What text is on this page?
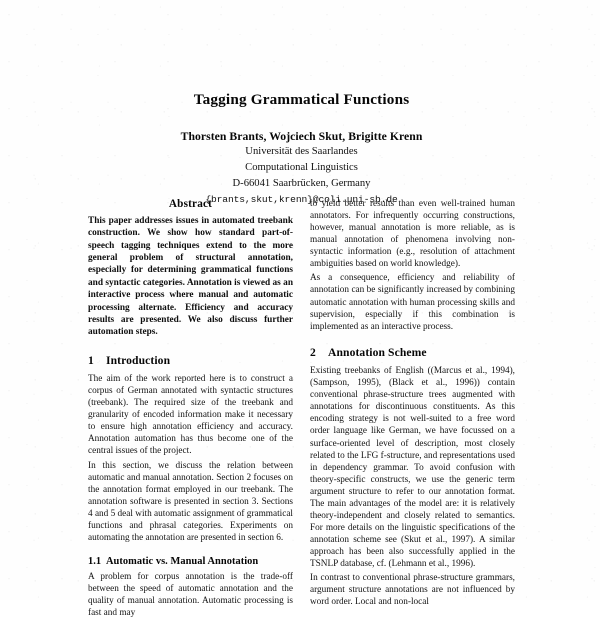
Tagging Grammatical Functions
Thorsten Brants, Wojciech Skut, Brigitte Krenn
Universität des Saarlandes
Computational Linguistics
D-66041 Saarbrücken, Germany
{brants,skut,krenn}@coli.uni-sb.de
Abstract

This paper addresses issues in automated treebank construction. We show how standard part-of-speech tagging techniques extend to the more general problem of structural annotation, especially for determining grammatical functions and syntactic categories. Annotation is viewed as an interactive process where manual and automatic processing alternate. Efficiency and accuracy results are presented. We also discuss further automation steps.

1 Introduction

The aim of the work reported here is to construct a corpus of German annotated with syntactic structures (treebank). The required size of the treebank and granularity of encoded information make it necessary to ensure high annotation efficiency and accuracy. Annotation automation has thus become one of the central issues of the project.

In this section, we discuss the relation between automatic and manual annotation. Section 2 focuses on the annotation format employed in our treebank. The annotation software is presented in section 3. Sections 4 and 5 deal with automatic assignment of grammatical functions and phrasal categories. Experiments on automating the annotation are presented in section 6.

1.1 Automatic vs. Manual Annotation

A problem for corpus annotation is the trade-off between the speed of automatic annotation and the quality of manual annotation. Automatic processing is fast and may

to yield better results than even well-trained human annotators. For infrequently occurring constructions, however, manual annotation is more reliable, as is manual annotation of phenomena involving non-syntactic information (e.g., resolution of attachment ambiguities based on world knowledge).

As a consequence, efficiency and reliability of annotation can be significantly increased by combining automatic annotation with human processing skills and supervision, especially if this combination is implemented as an interactive process.

2 Annotation Scheme

Existing treebanks of English ((Marcus et al., 1994), (Sampson, 1995), (Black et al., 1996)) contain conventional phrase-structure trees augmented with annotations for discontinuous constituents. As this encoding strategy is not well-suited to a free word order language like German, we have focussed on a surface-oriented level of description, most closely related to the LFG f-structure, and representations used in dependency grammar. To avoid confusion with theory-specific constructs, we use the generic term argument structure to refer to our annotation format. The main advantages of the model are: it is relatively theory-independent and closely related to semantics. For more details on the linguistic specifications of the annotation scheme see (Skut et al., 1997). A similar approach has been also successfully applied in the TSNLP database, cf. (Lehmann et al., 1996).

In contrast to conventional phrase-structure grammars, argument structure annotations are not influenced by word order. Local and non-local
